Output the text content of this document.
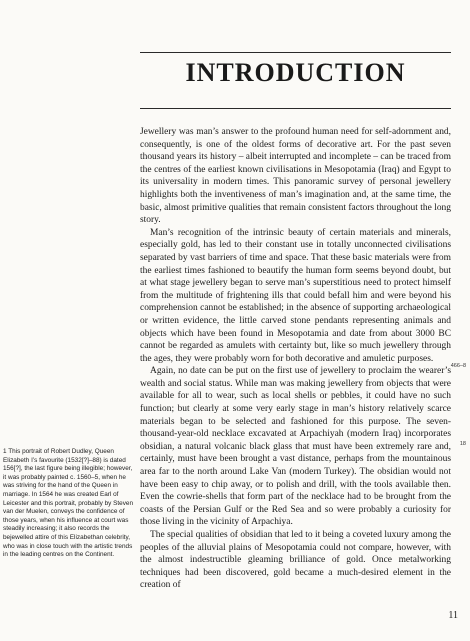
INTRODUCTION

Jewellery was man’s answer to the profound human need for self-adornment and, consequently, is one of the oldest forms of decorative art. For the past seven thousand years its history – albeit interrupted and incomplete – can be traced from the centres of the earliest known civilisations in Mesopotamia (Iraq) and Egypt to its universality in modern times. This panoramic survey of personal jewellery highlights both the inventiveness of man’s imagination and, at the same time, the basic, almost primitive qualities that remain consistent factors throughout the long story.

Man’s recognition of the intrinsic beauty of certain materials and minerals, especially gold, has led to their constant use in totally unconnected civilisations separated by vast barriers of time and space. That these basic materials were from the earliest times fashioned to beautify the human form seems beyond doubt, but at what stage jewellery began to serve man’s superstitious need to protect himself from the multitude of frightening ills that could befall him and were beyond his comprehension cannot be established; in the absence of supporting archaeological or written evidence, the little carved stone pendants representing animals and objects which have been found in Mesopotamia and date from about 3000 BC cannot be regarded as amulets with certainty but, like so much jewellery through the ages, they were probably worn for both decorative and amuletic purposes.

Again, no date can be put on the first use of jewellery to proclaim the wearer’s wealth and social status. While man was making jewellery from objects that were available for all to wear, such as local shells or pebbles, it could have no such function; but clearly at some very early stage in man’s history relatively scarce materials began to be selected and fashioned for this purpose. The seven-thousand-year-old necklace excavated at Arpachiyah (modern Iraq) incorporates obsidian, a natural volcanic black glass that must have been extremely rare and, certainly, must have been brought a vast distance, perhaps from the mountainous area far to the north around Lake Van (modern Turkey). The obsidian would not have been easy to chip away, or to polish and drill, with the tools available then. Even the cowrie-shells that form part of the necklace had to be brought from the coasts of the Persian Gulf or the Red Sea and so were probably a curiosity for those living in the vicinity of Arpachiya.

The special qualities of obsidian that led to it being a coveted luxury among the peoples of the alluvial plains of Mesopotamia could not compare, however, with the almost indestructible gleaming brilliance of gold. Once metalworking techniques had been discovered, gold became a much-desired element in the creation of

1 This portrait of Robert Dudley, Queen Elizabeth I’s favourite (1532[?]–88) is dated 156[?], the last figure being illegible; however, it was probably painted c. 1560–5, when he was striving for the hand of the Queen in marriage. In 1564 he was created Earl of Leicester and this portrait, probably by Steven van der Muelen, conveys the confidence of those years, when his influence at court was steadily increasing; it also records the bejewelled attire of this Elizabethan celebrity, who was in close touch with the artistic trends in the leading centres on the Continent.
466–8
18
11
